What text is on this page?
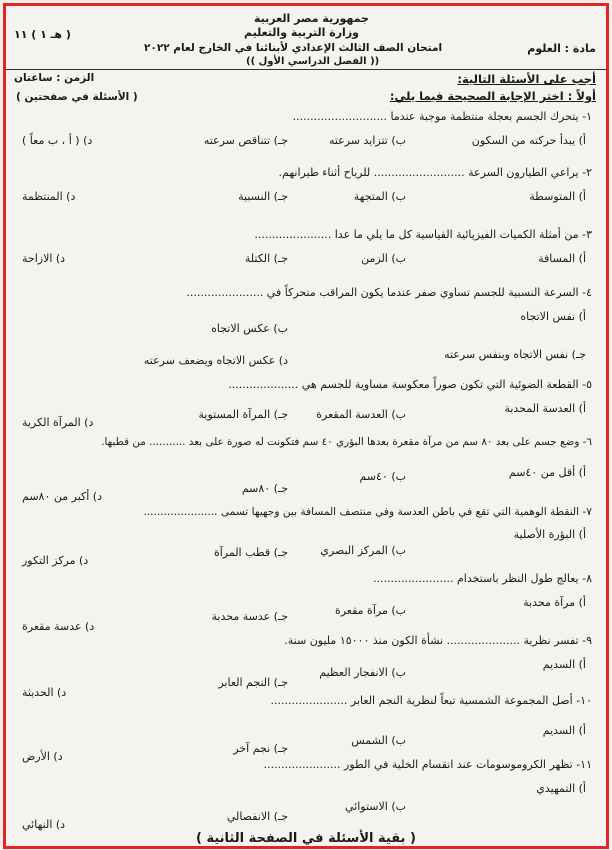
جمهورية مصر العربية
وزارة التربية والتعليم
امتحان الصف الثالث الإعدادي لأبنائنا في الخارج لعام ٢٠٢٢
(( الفصل الدراسي الأول ))
مادة : العلوم
( هـ ١ ) ١١
الزمن : ساعتان	أجب على الأسئلة التالية:
أولاً : اختر الإجابة الصحيحة فيما يلي:
( الأسئلة في صفحتين )
١- يتحرك الجسم بعجلة منتظمة موجبة عندما ...........................
أ) يبدأ حركته من السكون
ب) تتزايد سرعته
جـ) تتناقص سرعته
د) ( أ ، ب معاً )
٢- يراعي الطيارون السرعة .......................... للرياح أثناء طيرانهم.
أ) المتوسطة
ب) المتجهة
جـ) النسبية
د) المنتظمة
٣- من أمثلة الكميات الفيزيائية القياسية كل ما يلي ما عدا ......................
أ) المسافة
ب) الزمن
جـ) الكتلة
د) الازاحة
٤- السرعة النسبية للجسم تساوي صفر عندما يكون المراقب متحركاً في ......................
أ) نفس الاتجاه
ب) عكس الاتجاه
جـ) نفس الاتجاه وبنفس سرعته
د) عكس الاتجاه ويضعف سرعته
٥- القطعة الضوئية التي تكون صوراً معكوسة مساوية للجسم هي ....................
أ) العدسة المحدبة
ب) العدسة المقعرة
جـ) المرآة المستوية
د) المرآة الكرية
٦- وضع جسم على بعد ٨٠ سم من مرآة مقعرة بعدها البؤري ٤٠ سم فتكونت له صورة على بعد ........... من قطبها.
أ) أقل من ٤٠سم
ب) ٤٠سم
جـ) ٨٠سم
د) أكبر من ٨٠سم
٧- النقطة الوهمية التي تقع في باطن العدسة وفي منتصف المسافة بين وجهيها تسمى ......................
أ) البؤرة الأصلية
ب) المركز البصري
جـ) قطب المرآة
د) مركز التكور
٨- يعالج طول النظر باستخدام .......................
أ) مرآة محدبة
ب) مرآة مقعرة
جـ) عدسة محدبة
د) عدسة مقعرة
٩- تفسر نظرية ..................... نشأة الكون منذ ١٥٠٠٠ مليون سنة.
أ) السديم
ب) الانفجار العظيم
جـ) النجم العابر
د) الحديثة
١٠- أصل المجموعة الشمسية تبعاً لنظرية النجم العابر ......................
أ) السديم
ب) الشمس
جـ) نجم آخر
د) الأرض
١١- تظهر الكروموسومات عند انقسام الخلية في الطور ......................
أ) التمهيدي
ب) الاستوائي
جـ) الانفصالي
د) النهائي
( بقية الأسئلة في الصفحة الثانية )
